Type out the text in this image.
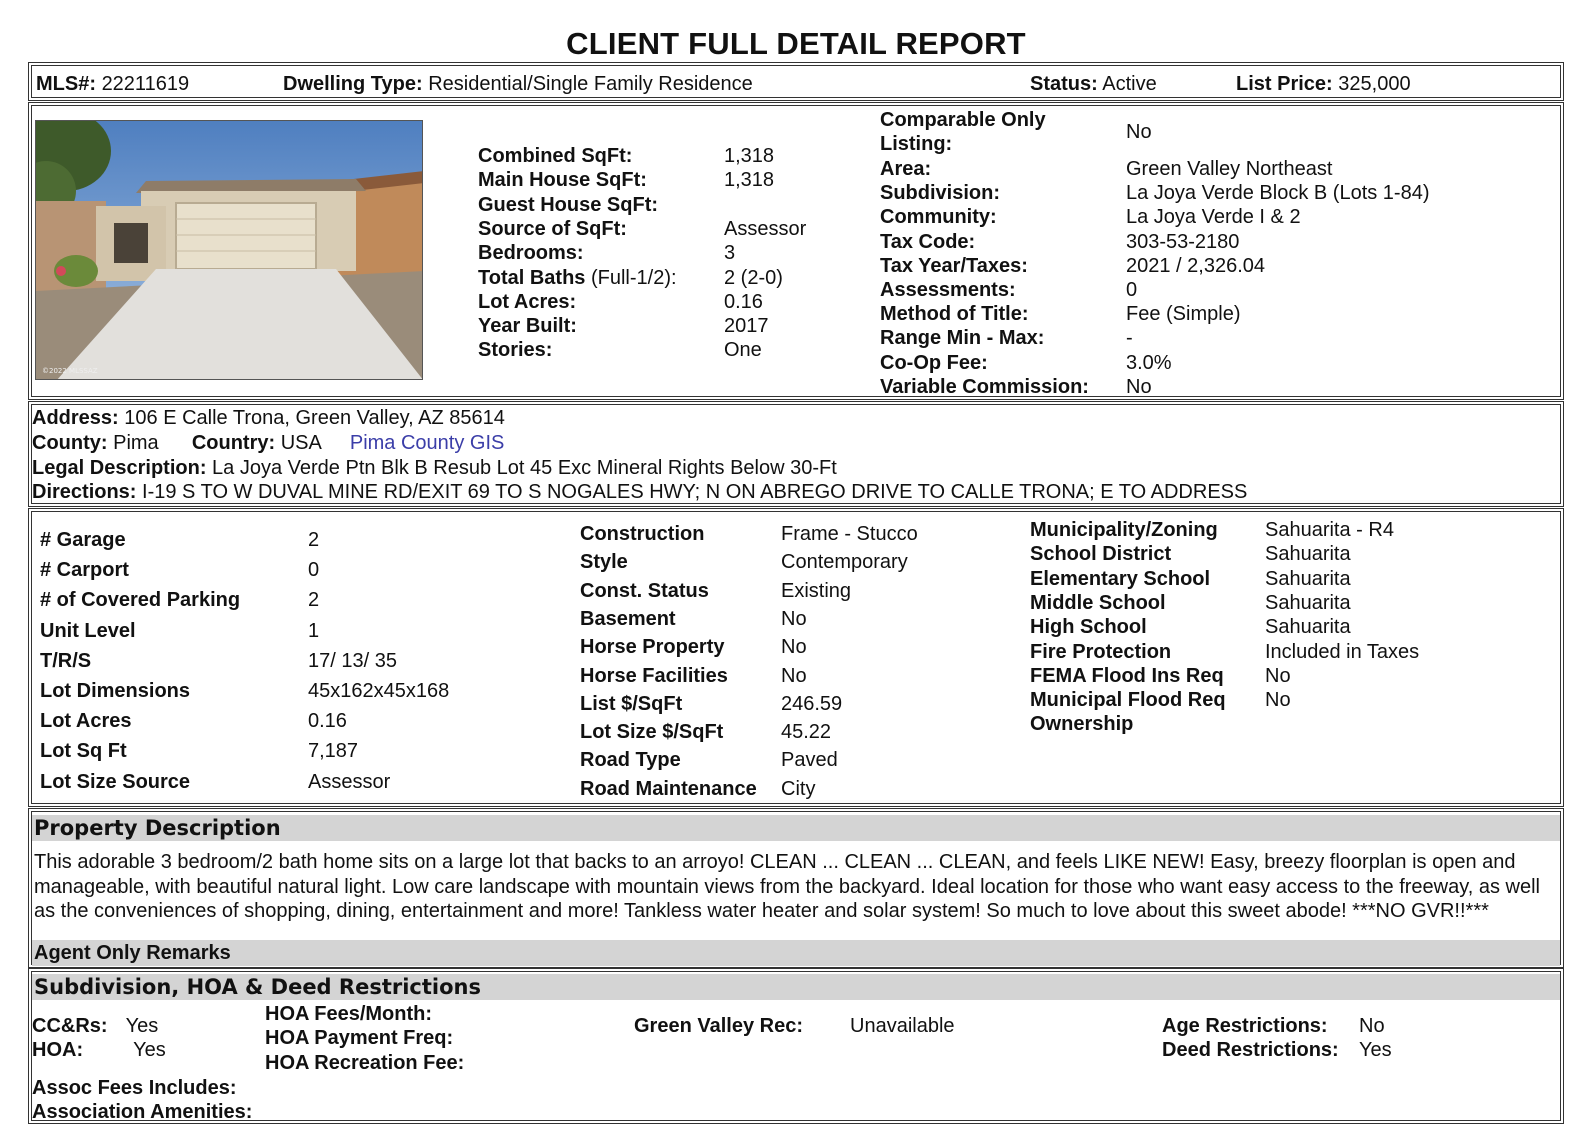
CLIENT FULL DETAIL REPORT
MLS#: 22211619	Dwelling Type: Residential/Single Family Residence	Status: Active	List Price: 325,000
©2022 MLSSAZ
Comparable Only
Listing:
No
Combined SqFt:	1,318
Main House SqFt:	1,318
Guest House SqFt:
Source of SqFt:	Assessor
Bedrooms:	3
Total Baths (Full-1/2): 2 (2-0)
Lot Acres:	0.16
Year Built:	2017
Stories:	One
Area:	Green Valley Northeast
Subdivision:	La Joya Verde Block B (Lots 1-84)
Community:	La Joya Verde I & 2
Tax Code:	303-53-2180
Tax Year/Taxes:	2021 / 2,326.04
Assessments:	0
Method of Title:	Fee (Simple)
Range Min - Max:	-
Co-Op Fee:	3.0%
Variable Commission: No
Address: 106 E Calle Trona, Green Valley, AZ 85614
County: Pima Country: USA Pima County GIS
Legal Description: La Joya Verde Ptn Blk B Resub Lot 45 Exc Mineral Rights Below 30-Ft
Directions: I-19 S TO W DUVAL MINE RD/EXIT 69 TO S NOGALES HWY; N ON ABREGO DRIVE TO CALLE TRONA; E TO ADDRESS
# Garage	2
# Carport	0
# of Covered Parking	2
Unit Level	1
T/R/S	17/ 13/ 35
Lot Dimensions	45x162x45x168
Lot Acres	0.16
Lot Sq Ft	7,187
Lot Size Source	Assessor
Construction	Frame - Stucco
Style	Contemporary
Const. Status	Existing
Basement	No
Horse Property	No
Horse Facilities	No
List $/SqFt	246.59
Lot Size $/SqFt	45.22
Road Type	Paved
Road Maintenance City
Municipality/Zoning Sahuarita - R4
School District	Sahuarita
Elementary School	Sahuarita
Middle School	Sahuarita
High School	Sahuarita
Fire Protection	Included in Taxes
FEMA Flood Ins Req No
Municipal Flood Req No
Ownership
Property Description
This adorable 3 bedroom/2 bath home sits on a large lot that backs to an arroyo! CLEAN ... CLEAN ... CLEAN, and feels LIKE NEW! Easy, breezy floorplan is open and manageable, with beautiful natural light. Low care landscape with mountain views from the backyard. Ideal location for those who want easy access to the freeway, as well as the conveniences of shopping, dining, entertainment and more! Tankless water heater and solar system! So much to love about this sweet abode! ***NO GVR!!***
Agent Only Remarks
Subdivision, HOA & Deed Restrictions
CC&Rs: Yes
HOA:	Yes
HOA Fees/Month:
HOA Payment Freq:
HOA Recreation Fee:
Green Valley Rec: Unavailable	Age Restrictions: No
Deed Restrictions: Yes
Assoc Fees Includes:
Association Amenities:
